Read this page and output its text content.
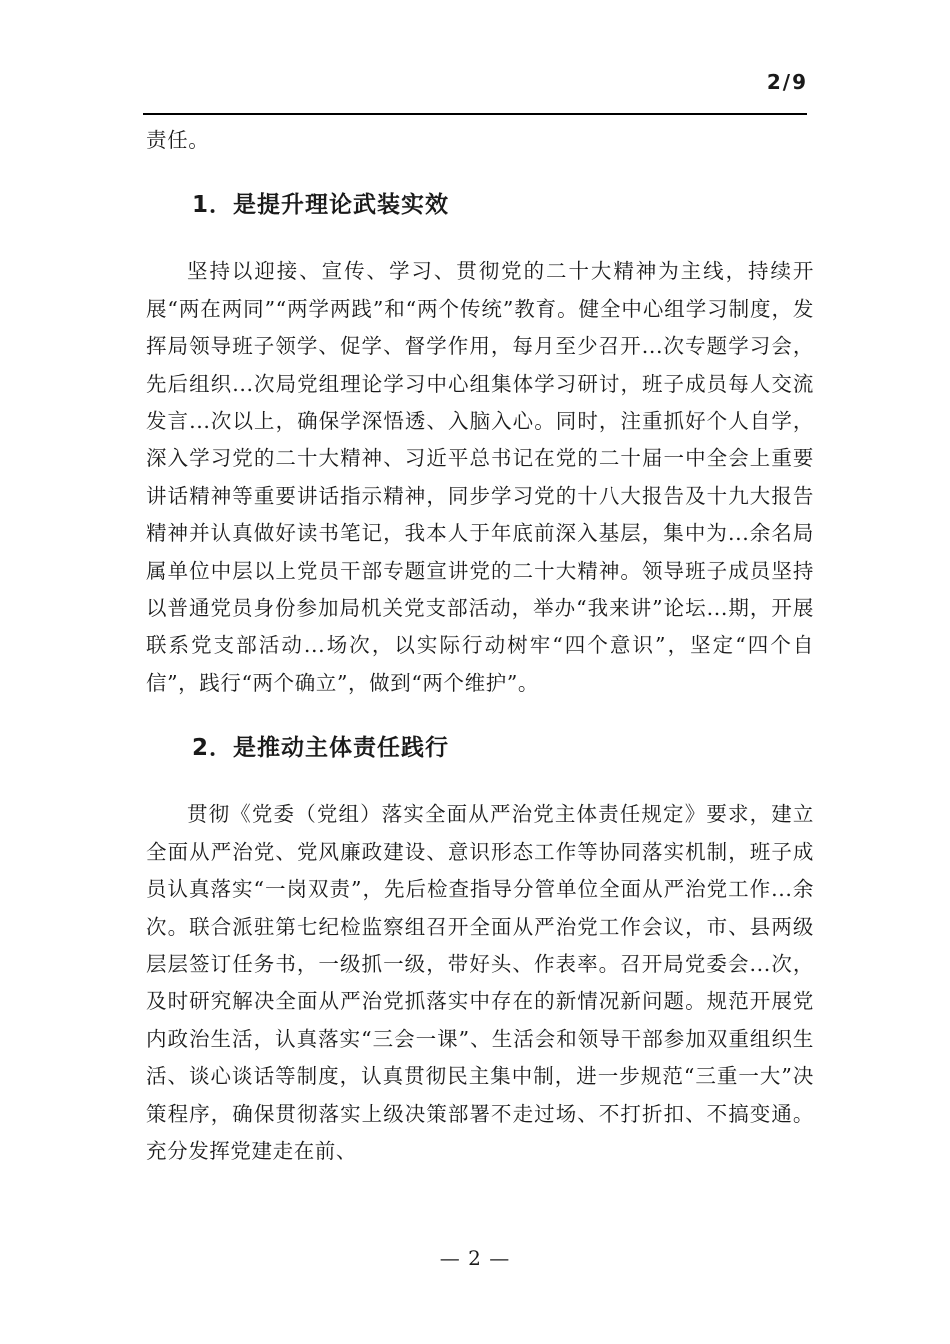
2/9

责任。

1．是提升理论武装实效

坚持以迎接、宣传、学习、贯彻党的二十大精神为主线，持续开展“两在两同”“两学两践”和“两个传统”教育。健全中心组学习制度，发挥局领导班子领学、促学、督学作用，每月至少召开...次专题学习会，先后组织...次局党组理论学习中心组集体学习研讨，班子成员每人交流发言...次以上，确保学深悟透、入脑入心。同时，注重抓好个人自学，深入学习党的二十大精神、习近平总书记在党的二十届一中全会上重要讲话精神等重要讲话指示精神，同步学习党的十八大报告及十九大报告精神并认真做好读书笔记，我本人于年底前深入基层，集中为...余名局属单位中层以上党员干部专题宣讲党的二十大精神。领导班子成员坚持以普通党员身份参加局机关党支部活动，举办“我来讲”论坛...期，开展联系党支部活动...场次，以实际行动树牢“四个意识”，坚定“四个自信”，践行“两个确立”，做到“两个维护”。

2．是推动主体责任践行

贯彻《党委（党组）落实全面从严治党主体责任规定》要求，建立全面从严治党、党风廉政建设、意识形态工作等协同落实机制，班子成员认真落实“一岗双责”，先后检查指导分管单位全面从严治党工作...余次。联合派驻第七纪检监察组召开全面从严治党工作会议，市、县两级层层签订任务书，一级抓一级，带好头、作表率。召开局党委会...次，及时研究解决全面从严治党抓落实中存在的新情况新问题。规范开展党内政治生活，认真落实“三会一课”、生活会和领导干部参加双重组织生活、谈心谈话等制度，认真贯彻民主集中制，进一步规范“三重一大”决策程序，确保贯彻落实上级决策部署不走过场、不打折扣、不搞变通。充分发挥党建走在前、

— 2 —
